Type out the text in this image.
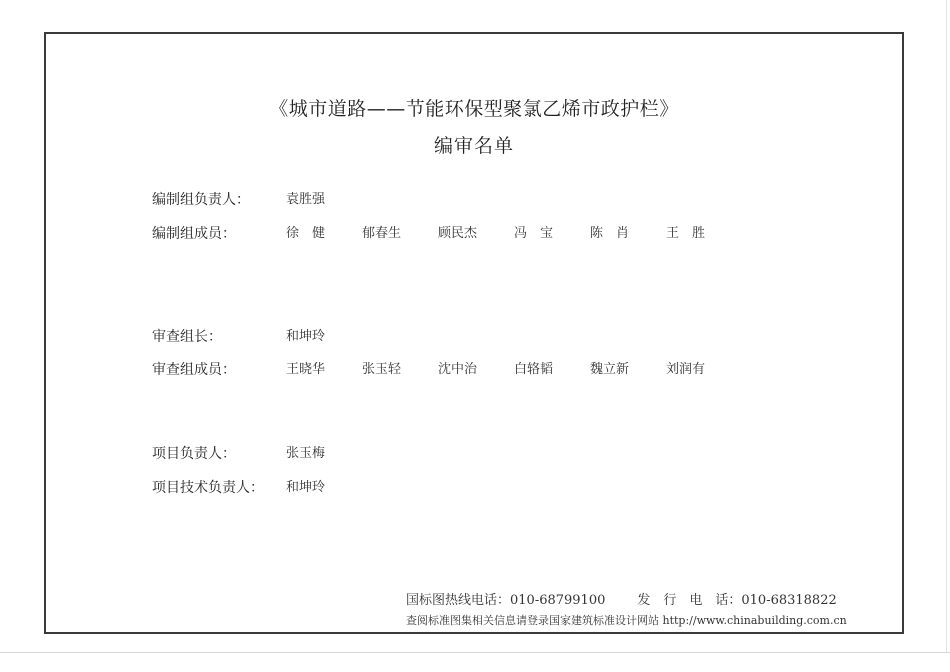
《城市道路——节能环保型聚氯乙烯市政护栏》
编审名单
编制组负责人：	袁胜强
编制组成员：	徐　健	郁春生	顾民杰	冯　宝	陈　肖	王　胜
审查组长：	和坤玲
审查组成员：	王晓华	张玉轻	沈中治	白辂韬	魏立新	刘润有
项目负责人：	张玉梅
项目技术负责人： 和坤玲
国标图热线电话：010-68799100 发　行　电　话：010-68318822
查阅标准图集相关信息请登录国家建筑标准设计网站 http://www.chinabuilding.com.cn
